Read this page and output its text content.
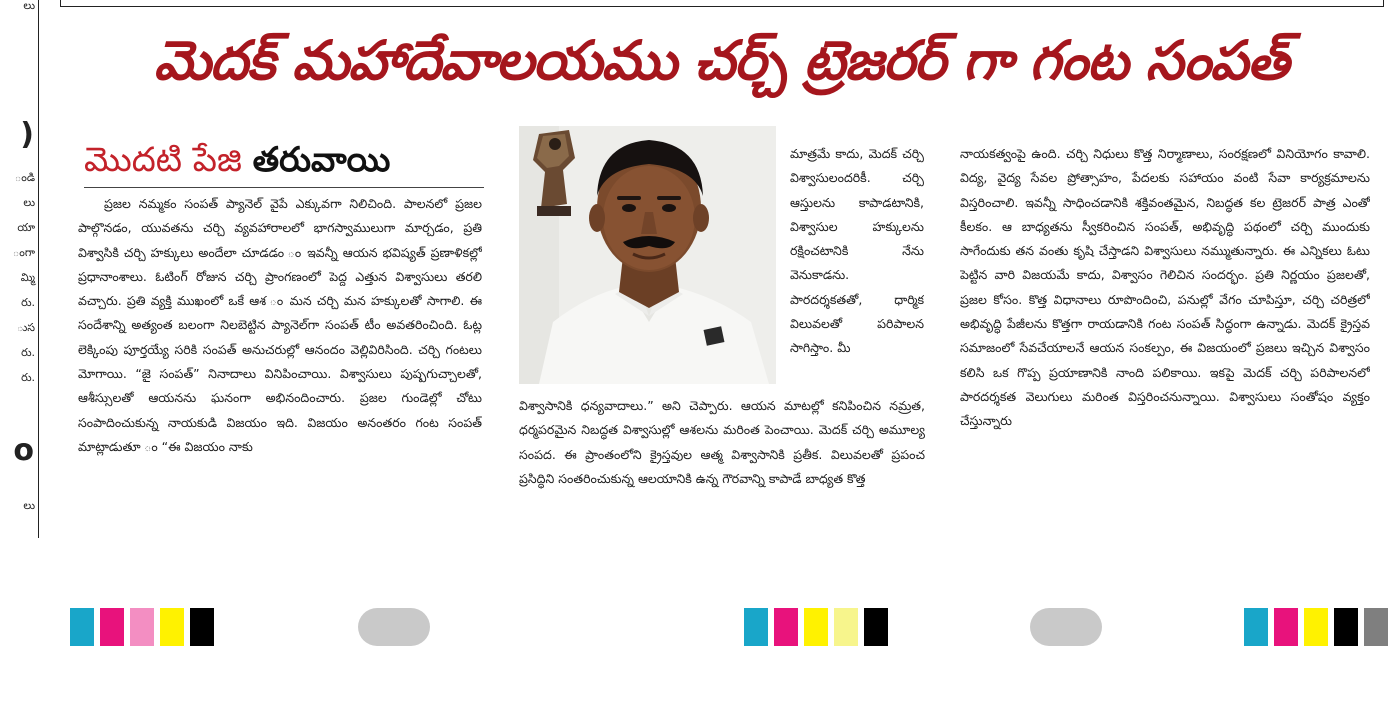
లు
)
ండి
లు
యా
ంగా
మ్మి
రు.
ుస
రు.
రు.
o
లు
మెదక్ మహాదేవాలయము చర్చ్ ట్రెజరర్ గా గంట సంపత్
మొదటి పేజి తరువాయి
ప్రజల నమ్మకం సంపత్ ప్యానెల్ వైపే ఎక్కువగా నిలిచింది. పాలనలో ప్రజల పాల్గొనడం, యువతను చర్చి వ్యవహారాలలో భాగస్వాములుగా మార్చడం, ప్రతి విశ్వాసికి చర్చి హక్కులు అందేలా చూడడం ం ఇవన్నీ ఆయన భవిష్యత్ ప్రణాళికల్లో ప్రధానాంశాలు. ఓటింగ్ రోజున చర్చి ప్రాంగణంలో పెద్ద ఎత్తున విశ్వాసులు తరలి వచ్చారు. ప్రతి వ్యక్తి ముఖంలో ఒకే ఆశ ం మన చర్చి మన హక్కులతో సాగాలి. ఈ సందేశాన్ని అత్యంత బలంగా నిలబెట్టిన ప్యానెల్‌గా సంపత్ టీం అవతరించింది. ఓట్ల లెక్కింపు పూర్తయ్యే సరికి సంపత్ అనుచరుల్లో ఆనందం వెల్లివిరిసింది. చర్చి గంటలు మోగాయి. “జై సంపత్” నినాదాలు వినిపించాయి. విశ్వాసులు పుష్పగుచ్చాలతో, ఆశీస్సులతో ఆయనను ఘనంగా అభినందించారు. ప్రజల గుండెల్లో చోటు సంపాదించుకున్న నాయకుడి విజయం ఇది. విజయం అనంతరం గంట సంపత్ మాట్లాడుతూ ం “ఈ విజయం నాకు
మాత్రమే కాదు, మెదక్ చర్చి విశ్వాసులందరికీ. చర్చి ఆస్తులను కాపాడటానికి, విశ్వాసుల హక్కులను రక్షించటానికి నేను వెనుకాడను. పారదర్శకతతో, ధార్మిక విలువలతో పరిపాలన సాగిస్తాం. మీ
విశ్వాసానికి ధన్యవాదాలు.” అని చెప్పారు. ఆయన మాటల్లో కనిపించిన నమ్రత, ధర్మపరమైన నిబద్ధత విశ్వాసుల్లో ఆశలను మరింత పెంచాయి. మెదక్ చర్చి అమూల్య సంపద. ఈ ప్రాంతంలోని క్రైస్తవుల ఆత్మ విశ్వాసానికి ప్రతీక. విలువలతో ప్రపంచ ప్రసిద్ధిని సంతరించుకున్న ఆలయానికి ఉన్న గౌరవాన్ని కాపాడే బాధ్యత కొత్త
నాయకత్వంపై ఉంది. చర్చి నిధులు కొత్త నిర్మాణాలు, సంరక్షణలో వినియోగం కావాలి. విద్య, వైద్య సేవల ప్రోత్సాహం, పేదలకు సహాయం వంటి సేవా కార్యక్రమాలను విస్తరించాలి. ఇవన్నీ సాధించడానికి శక్తివంతమైన, నిబద్ధత కల ట్రెజరర్ పాత్ర ఎంతో కీలకం. ఆ బాధ్యతను స్వీకరించిన సంపత్, అభివృద్ధి పథంలో చర్చి ముందుకు సాగేందుకు తన వంతు కృషి చేస్తాడని విశ్వాసులు నమ్ముతున్నారు. ఈ ఎన్నికలు ఓటు పెట్టిన వారి విజయమే కాదు, విశ్వాసం గెలిచిన సందర్భం. ప్రతి నిర్ణయం ప్రజలతో, ప్రజల కోసం. కొత్త విధానాలు రూపొందించి, పనుల్లో వేగం చూపిస్తూ, చర్చి చరిత్రలో అభివృద్ధి పేజీలను కొత్తగా రాయడానికి గంట సంపత్ సిద్ధంగా ఉన్నాడు. మెదక్ క్రైస్తవ సమాజంలో సేవచేయాలనే ఆయన సంకల్పం, ఈ విజయంలో ప్రజలు ఇచ్చిన విశ్వాసం కలిసి ఒక గొప్ప ప్రయాణానికి నాంది పలికాయి. ఇకపై మెదక్ చర్చి పరిపాలనలో పారదర్శకత వెలుగులు మరింత విస్తరించనున్నాయి. విశ్వాసులు సంతోషం వ్యక్తం చేస్తున్నారు
